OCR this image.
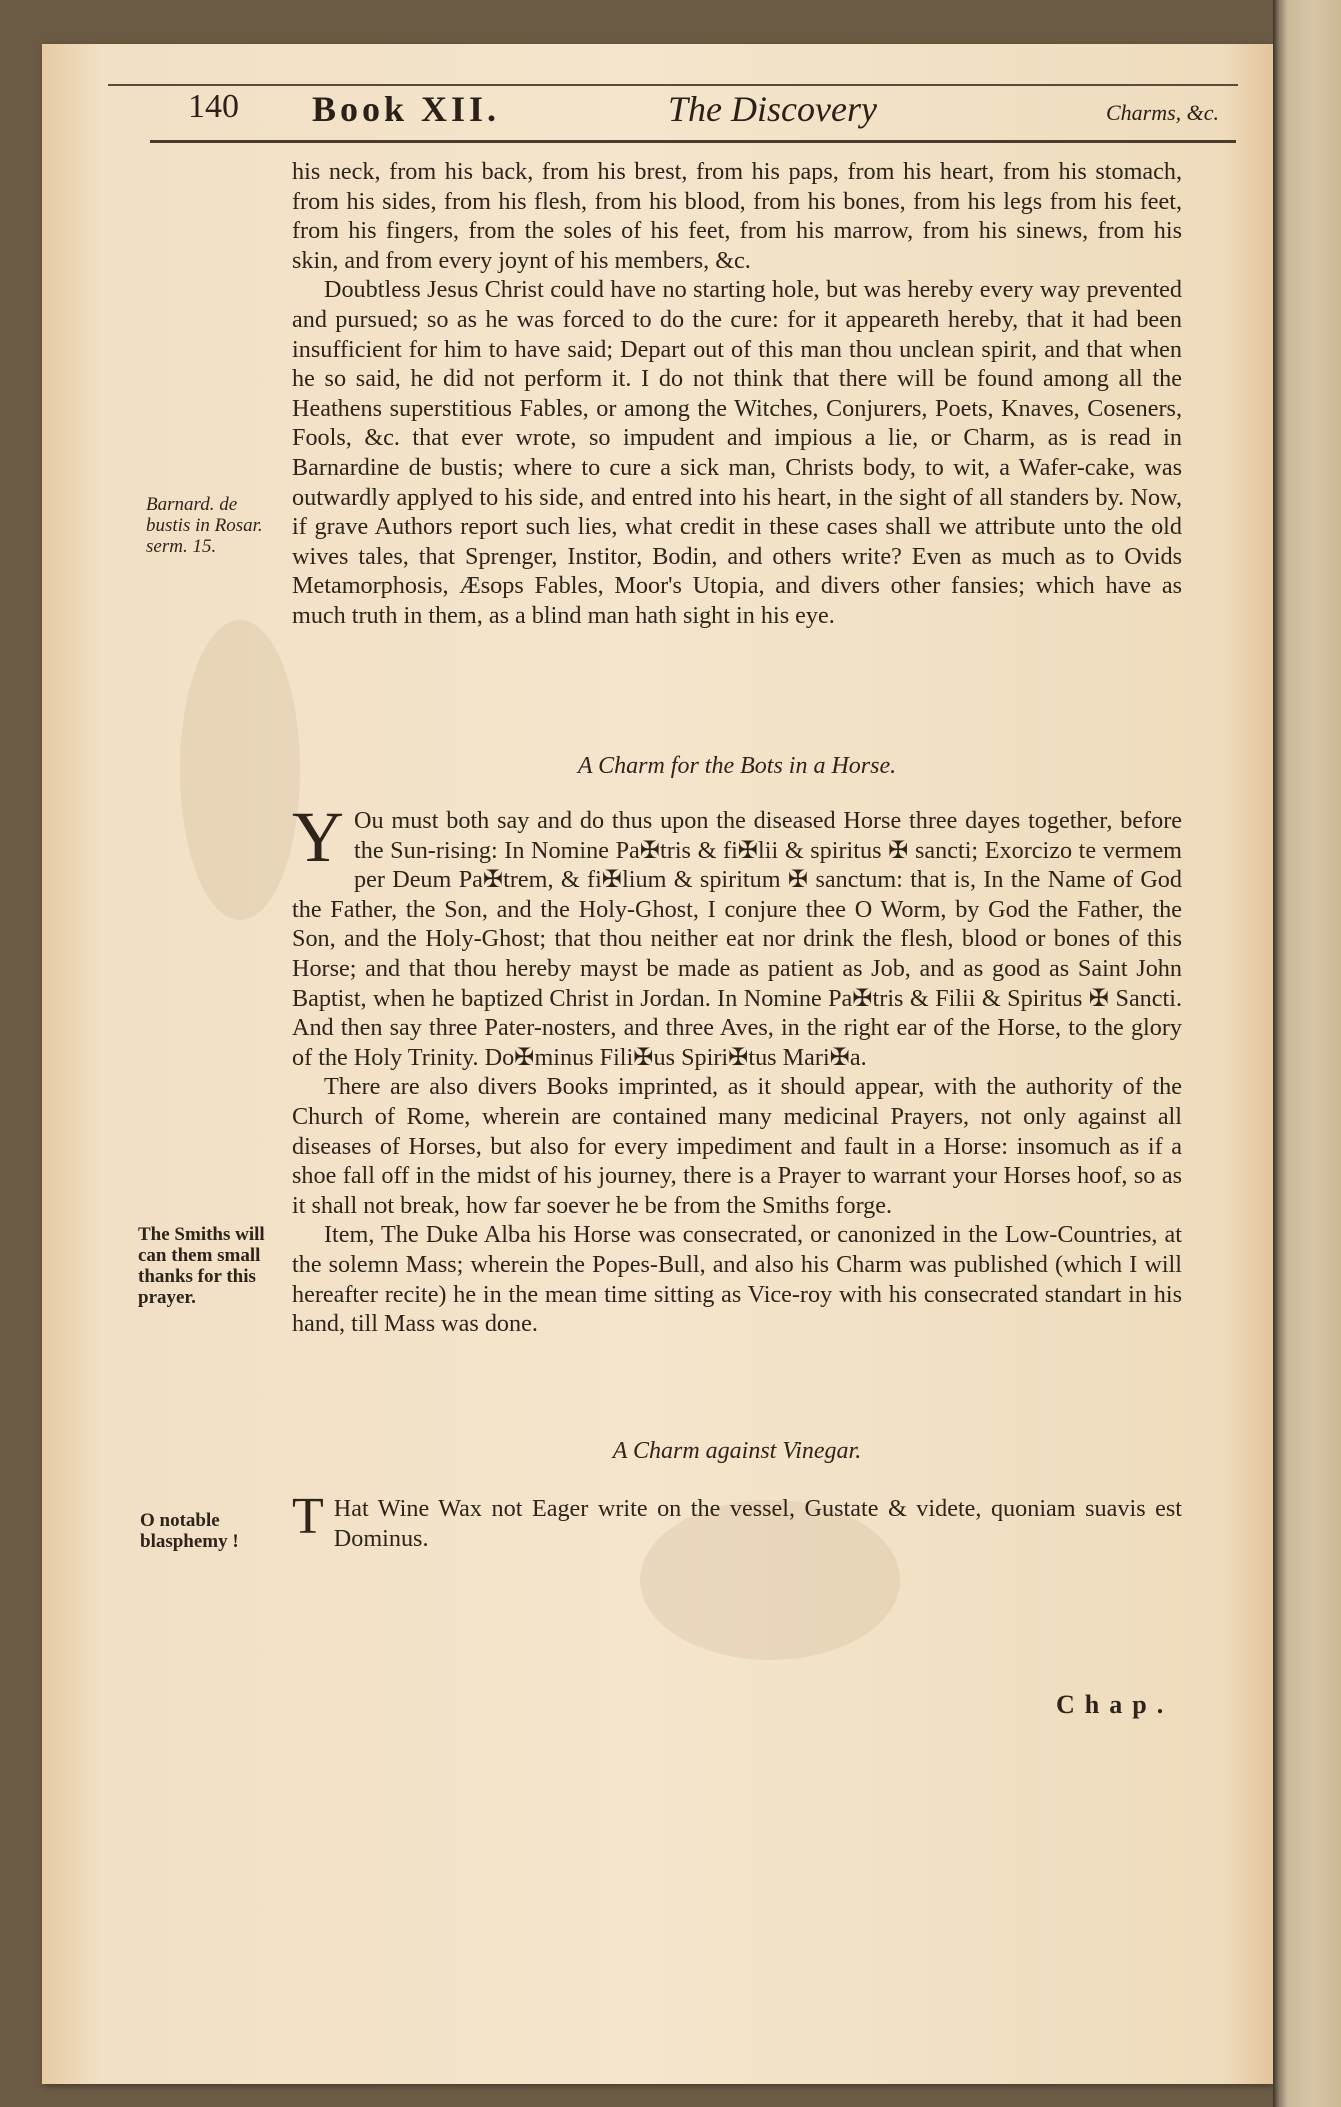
140 Book XII.	The Discovery	Charms, &c.

his neck, from his back, from his brest, from his paps, from his heart, from his stomach, from his sides, from his flesh, from his blood, from his bones, from his legs from his feet, from his fingers, from the soles of his feet, from his marrow, from his sinews, from his skin, and from every joynt of his members, &c.

Doubtless Jesus Christ could have no starting hole, but was hereby every way prevented and pursued; so as he was forced to do the cure: for it appeareth hereby, that it had been insufficient for him to have said; Depart out of this man thou unclean spirit, and that when he so said, he did not perform it. I do not think that there will be found among all the Heathens superstitious Fables, or among the Witches, Conjurers, Poets, Knaves, Coseners, Fools, &c. that ever wrote, so impudent and impious a lie, or Charm, as is read in Barnardine de bustis; where to cure a sick man, Christs body, to wit, a Wafer-cake, was outwardly applyed to his side, and entred into his heart, in the sight of all standers by. Now, if grave Authors report such lies, what credit in these cases shall we attribute unto the old wives tales, that Sprenger, Institor, Bodin, and others write? Even as much as to Ovids Metamorphosis, Æsops Fables, Moor's Utopia, and divers other fansies; which have as much truth in them, as a blind man hath sight in his eye.

Barnard. de bustis in Rosar. serm. 15.
A Charm for the Bots in a Horse.

Y Ou must both say and do thus upon the diseased Horse three dayes together, before the Sun-rising: In Nomine Pa✠tris & fi✠lii & spiritus ✠ sancti; Exorcizo te vermem per Deum Pa✠trem, & fi✠lium & spiritum ✠ sanctum: that is, In the Name of God the Father, the Son, and the Holy-Ghost, I conjure thee O Worm, by God the Father, the Son, and the Holy-Ghost; that thou neither eat nor drink the flesh, blood or bones of this Horse; and that thou hereby mayst be made as patient as Job, and as good as Saint John Baptist, when he baptized Christ in Jordan. In Nomine Pa✠tris & Filii & Spiritus ✠ Sancti. And then say three Pater-nosters, and three Aves, in the right ear of the Horse, to the glory of the Holy Trinity. Do✠minus Fili✠us Spiri✠tus Mari✠a.

There are also divers Books imprinted, as it should appear, with the authority of the Church of Rome, wherein are contained many medicinal Prayers, not only against all diseases of Horses, but also for every impediment and fault in a Horse: insomuch as if a shoe fall off in the midst of his journey, there is a Prayer to warrant your Horses hoof, so as it shall not break, how far soever he be from the Smiths forge.

Item, The Duke Alba his Horse was consecrated, or canonized in the Low-Countries, at the solemn Mass; wherein the Popes-Bull, and also his Charm was published (which I will hereafter recite) he in the mean time sitting as Vice-roy with his consecrated standart in his hand, till Mass was done.

The Smiths will can them small thanks for this prayer.
A Charm against Vinegar.

T Hat Wine Wax not Eager write on the vessel, Gustate & videte, quoniam suavis est Dominus.

O notable blasphemy !
Chap.
